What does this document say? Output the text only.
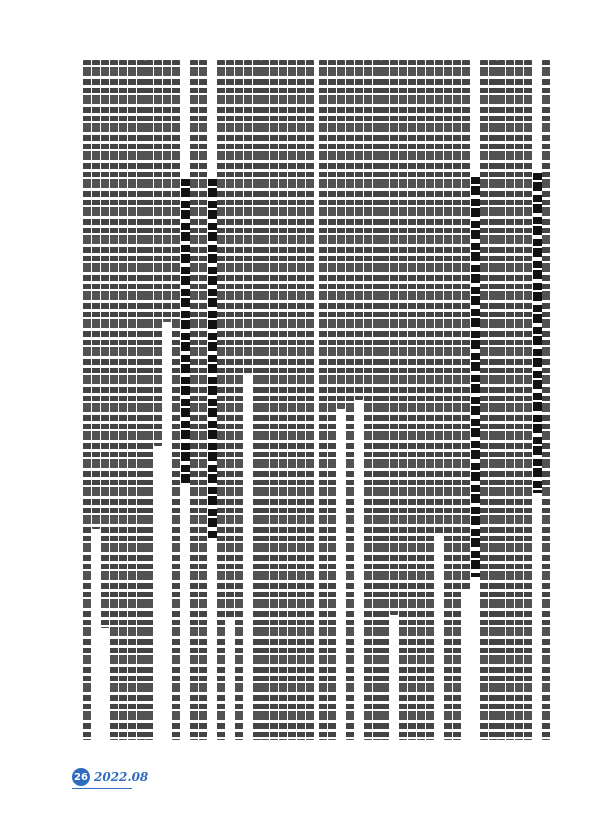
26 2022.08
